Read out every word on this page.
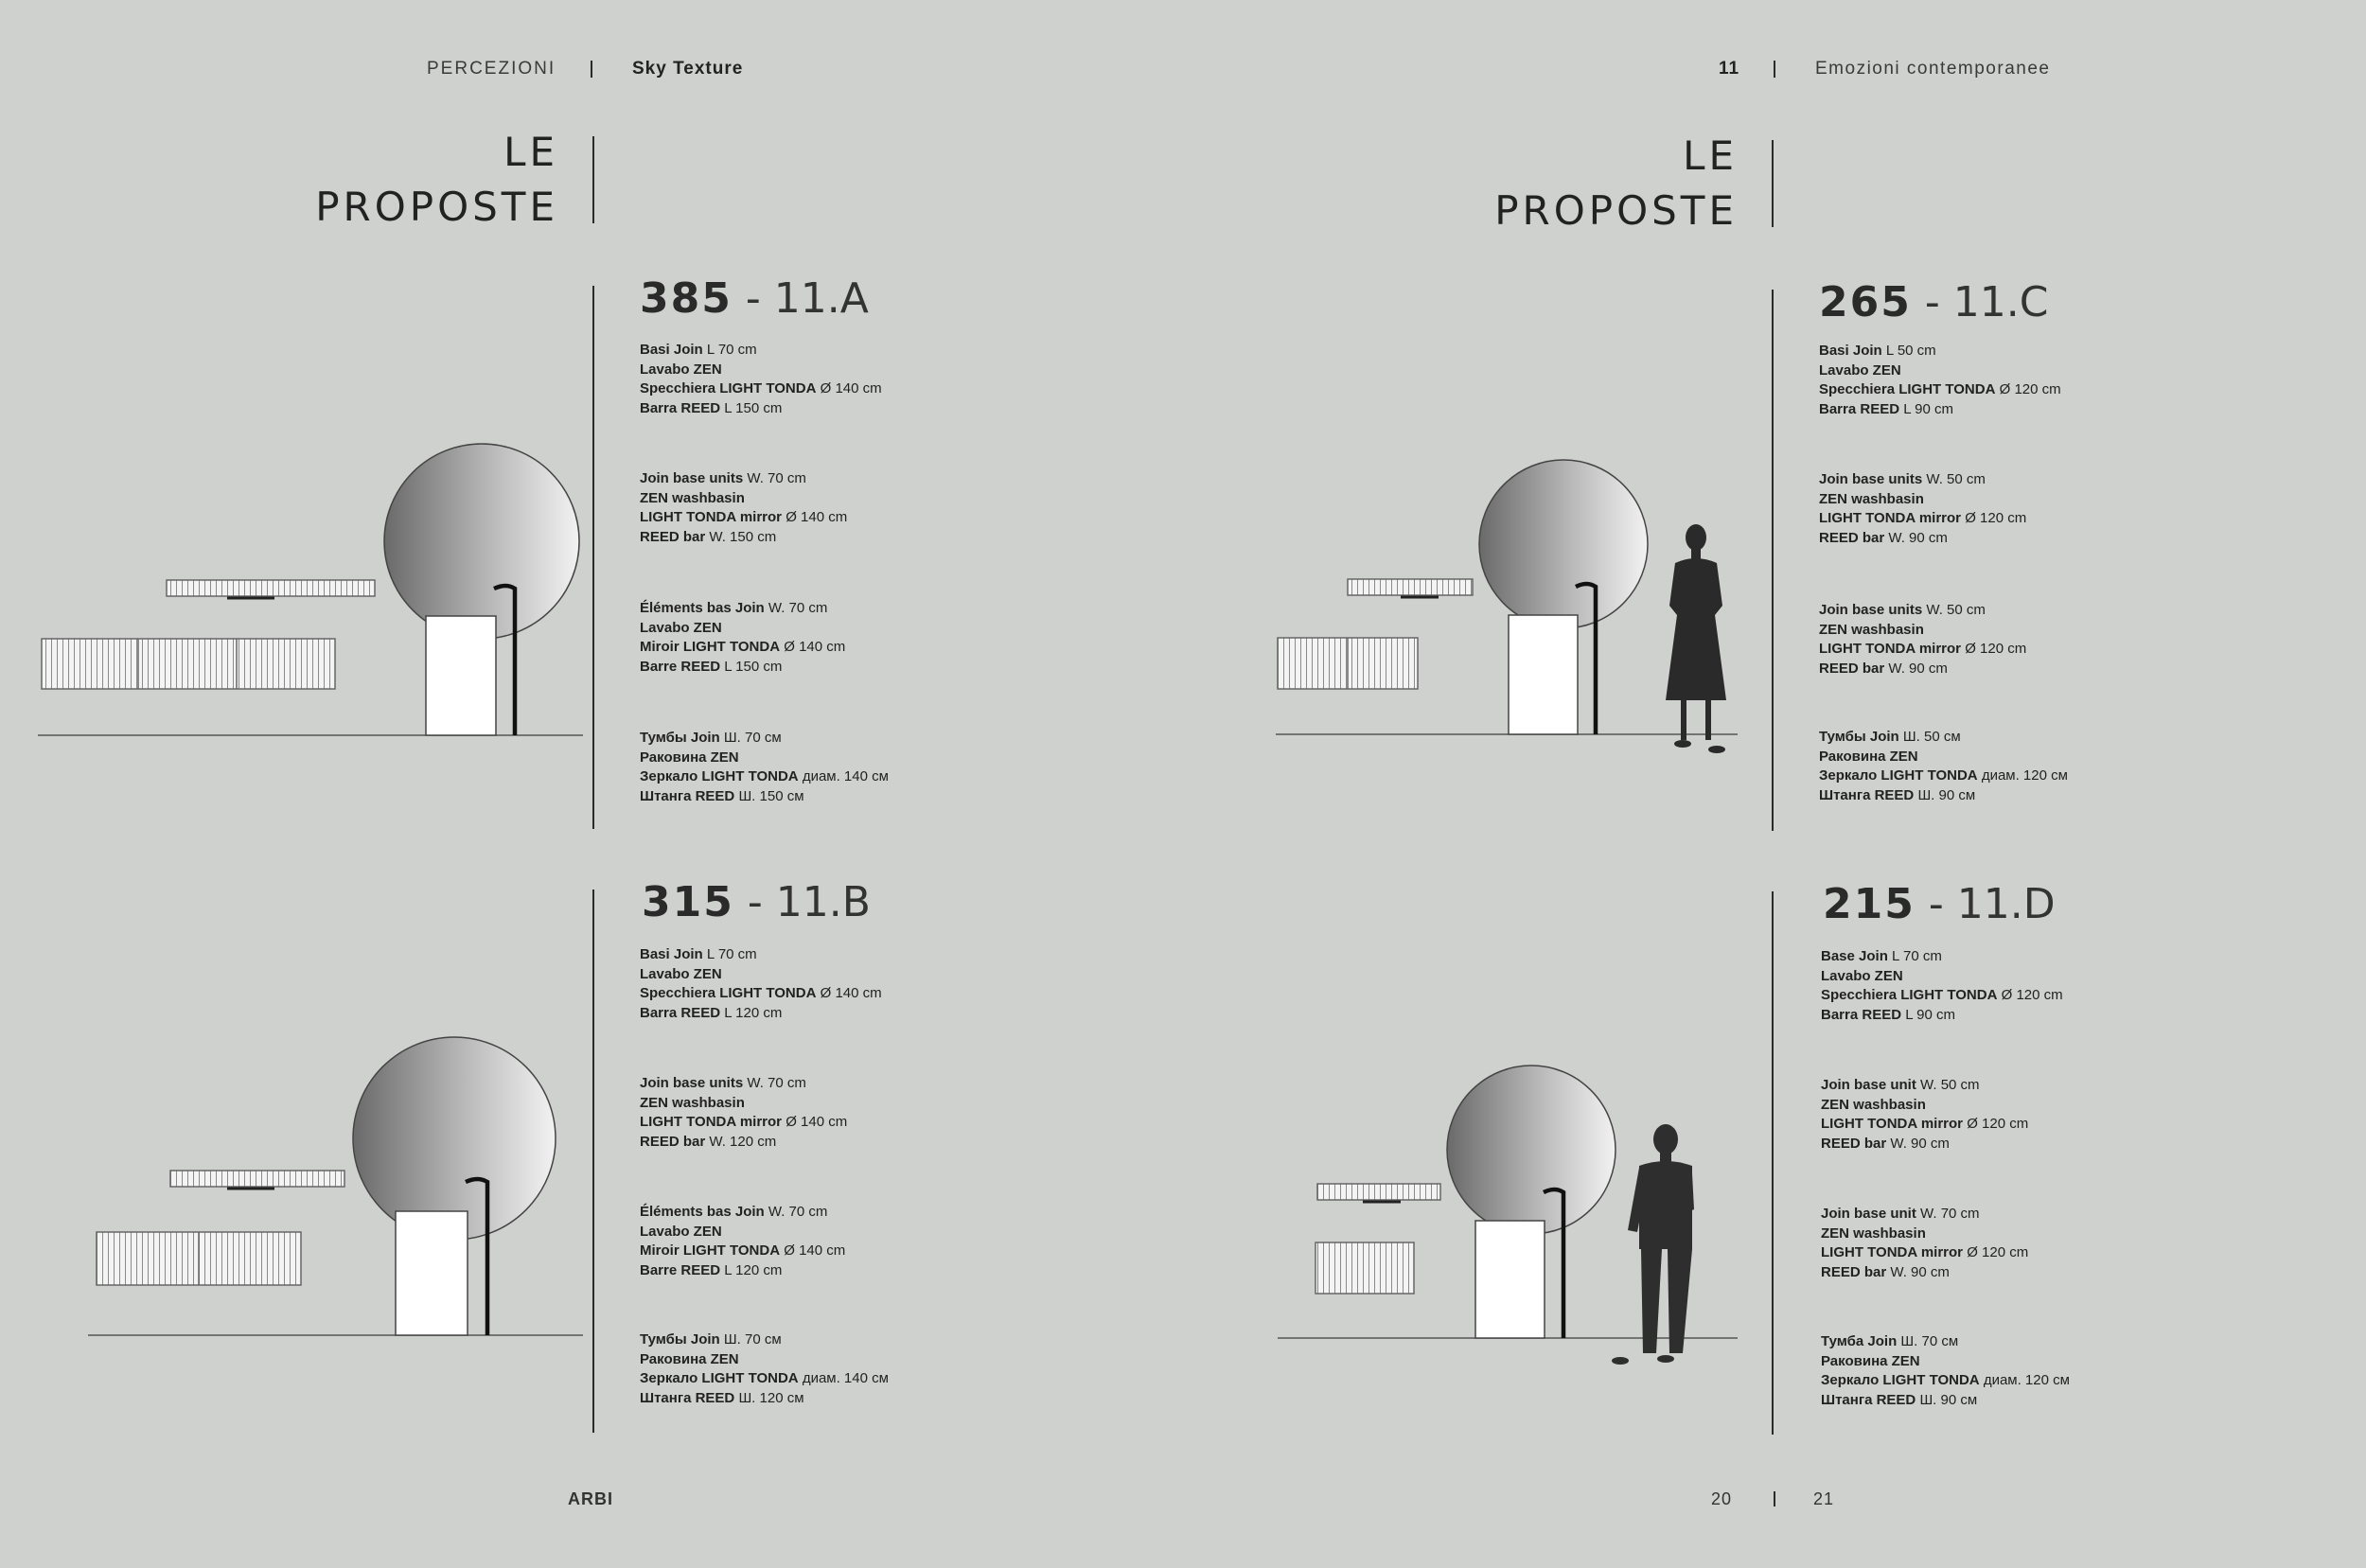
PERCEZIONI	Sky Texture	11	Emozioni contemporanee
LE
PROPOSTE
LE
PROPOSTE
385 - 11.A
Basi Join L 70 cm
Lavabo ZEN
Specchiera LIGHT TONDA Ø 140 cm
Barra REED L 150 cm
Join base units W. 70 cm
ZEN washbasin
LIGHT TONDA mirror Ø 140 cm
REED bar W. 150 cm
Éléments bas Join W. 70 cm
Lavabo ZEN
Miroir LIGHT TONDA Ø 140 cm
Barre REED L 150 cm
Тумбы Join Ш. 70 см
Раковина ZEN
Зеркало LIGHT TONDA диам. 140 см
Штанга REED Ш. 150 см
315 - 11.B
Basi Join L 70 cm
Lavabo ZEN
Specchiera LIGHT TONDA Ø 140 cm
Barra REED L 120 cm
Join base units W. 70 cm
ZEN washbasin
LIGHT TONDA mirror Ø 140 cm
REED bar W. 120 cm
Éléments bas Join W. 70 cm
Lavabo ZEN
Miroir LIGHT TONDA Ø 140 cm
Barre REED L 120 cm
Тумбы Join Ш. 70 см
Раковина ZEN
Зеркало LIGHT TONDA диам. 140 см
Штанга REED Ш. 120 см
265 - 11.C
Basi Join L 50 cm
Lavabo ZEN
Specchiera LIGHT TONDA Ø 120 cm
Barra REED L 90 cm
Join base units W. 50 cm
ZEN washbasin
LIGHT TONDA mirror Ø 120 cm
REED bar W. 90 cm
Join base units W. 50 cm
ZEN washbasin
LIGHT TONDA mirror Ø 120 cm
REED bar W. 90 cm
Тумбы Join Ш. 50 см
Раковина ZEN
Зеркало LIGHT TONDA диам. 120 см
Штанга REED Ш. 90 см
215 - 11.D
Base Join L 70 cm
Lavabo ZEN
Specchiera LIGHT TONDA Ø 120 cm
Barra REED L 90 cm
Join base unit W. 50 cm
ZEN washbasin
LIGHT TONDA mirror Ø 120 cm
REED bar W. 90 cm
Join base unit W. 70 cm
ZEN washbasin
LIGHT TONDA mirror Ø 120 cm
REED bar W. 90 cm
Тумба Join Ш. 70 см
Раковина ZEN
Зеркало LIGHT TONDA диам. 120 см
Штанга REED Ш. 90 см
ARBI	20	21
